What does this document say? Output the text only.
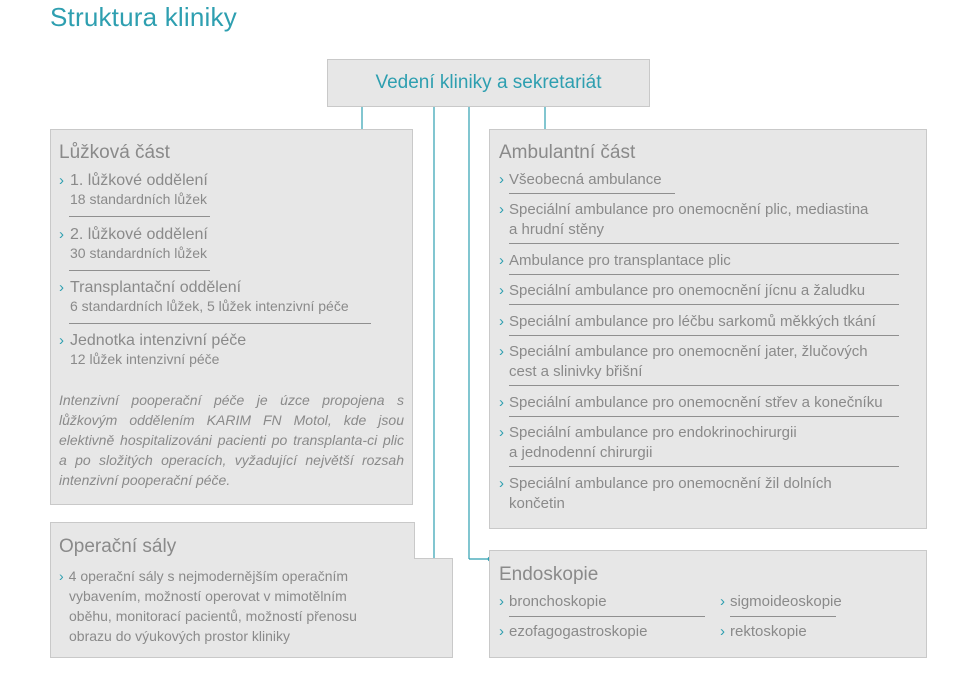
Struktura kliniky
Vedení kliniky a sekretariát
Lůžková část
› 1. lůžkové oddělení
18 standardních lůžek
› 2. lůžkové oddělení
30 standardních lůžek
› Transplantační oddělení
6 standardních lůžek, 5 lůžek intenzivní péče
› Jednotka intenzivní péče
12 lůžek intenzivní péče

Intenzivní pooperační péče je úzce propojena s lůžkovým oddělením KARIM FN Motol, kde jsou elektivně hospitalizováni pacienti po transplanta-ci plic a po složitých operacích, vyžadující největší rozsah intenzivní pooperační péče.

Ambulantní část
› Všeobecná ambulance
› Speciální ambulance pro onemocnění plic, mediastina
a hrudní stěny
› Ambulance pro transplantace plic
› Speciální ambulance pro onemocnění jícnu a žaludku
› Speciální ambulance pro léčbu sarkomů měkkých tkání
› Speciální ambulance pro onemocnění jater, žlučových
cest a slinivky břišní
› Speciální ambulance pro onemocnění střev a konečníku
› Speciální ambulance pro endokrinochirurgii
a jednodenní chirurgii
› Speciální ambulance pro onemocnění žil dolních
končetin
Operační sály
› 4 operační sály s nejmodernějším operačním
vybavením, možností operovat v mimotělním
oběhu, monitorací pacientů, možností přenosu
obrazu do výukových prostor kliniky
Endoskopie
› bronchoskopie	› sigmoideoskopie
› ezofagogastroskopie	› rektoskopie
